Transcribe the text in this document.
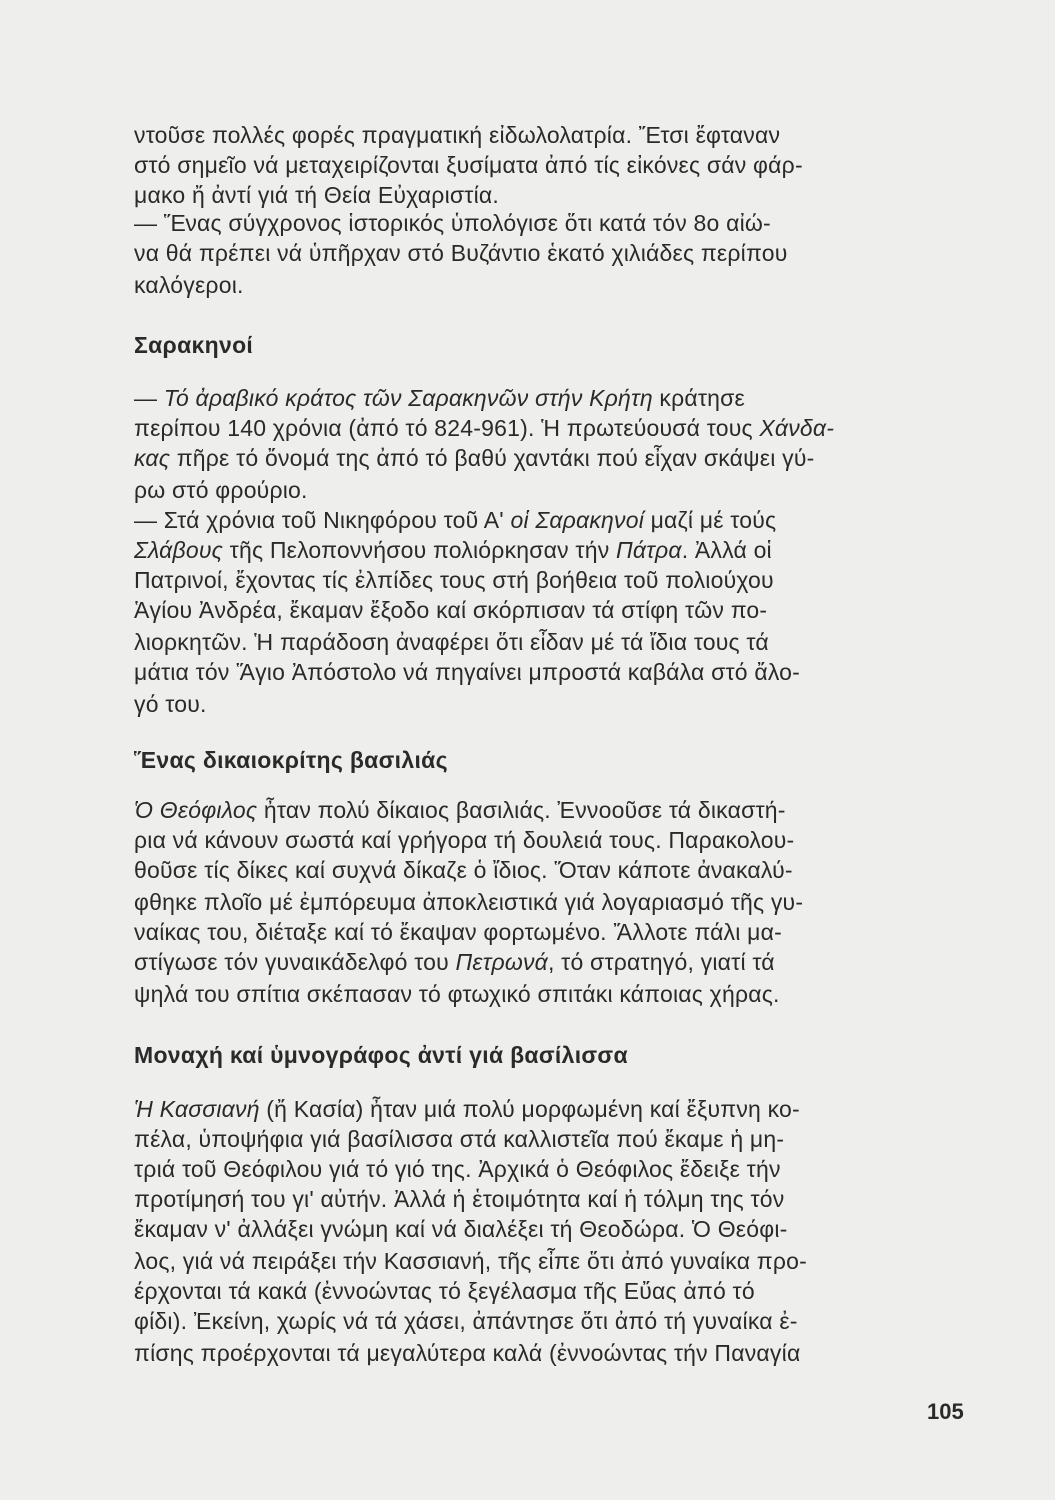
ντοῦσε πολλές φορές πραγματική εἰδωλολατρία. Ἔτσι ἔφταναν
στό σημεῖο νά μεταχειρίζονται ξυσίματα ἀπό τίς εἰκόνες σάν φάρ-
μακο ἤ ἀντί γιά τή Θεία Εὐχαριστία.
— Ἕνας σύγχρονος ἱστορικός ὑπολόγισε ὅτι κατά τόν 8ο αἰώ-
να θά πρέπει νά ὑπῆρχαν στό Βυζάντιο ἑκατό χιλιάδες περίπου
καλόγεροι.
Σαρακηνοί
— Τό ἀραβικό κράτος τῶν Σαρακηνῶν στήν Κρήτη κράτησε
περίπου 140 χρόνια (ἀπό τό 824-961). Ἡ πρωτεύουσά τους Χάνδα-
κας πῆρε τό ὄνομά της ἀπό τό βαθύ χαντάκι πού εἶχαν σκάψει γύ-
ρω στό φρούριο.
— Στά χρόνια τοῦ Νικηφόρου τοῦ Α' οἱ Σαρακηνοί μαζί μέ τούς
Σλάβους τῆς Πελοποννήσου πολιόρκησαν τήν Πάτρα. Ἀλλά οἱ
Πατρινοί, ἔχοντας τίς ἐλπίδες τους στή βοήθεια τοῦ πολιούχου
Ἁγίου Ἀνδρέα, ἔκαμαν ἔξοδο καί σκόρπισαν τά στίφη τῶν πο-
λιορκητῶν. Ἡ παράδοση ἀναφέρει ὅτι εἶδαν μέ τά ἴδια τους τά
μάτια τόν Ἅγιο Ἀπόστολο νά πηγαίνει μπροστά καβάλα στό ἄλο-
γό του.
Ἕνας δικαιοκρίτης βασιλιάς
Ὁ Θεόφιλος ἦταν πολύ δίκαιος βασιλιάς. Ἐννοοῦσε τά δικαστή-
ρια νά κάνουν σωστά καί γρήγορα τή δουλειά τους. Παρακολου-
θοῦσε τίς δίκες καί συχνά δίκαζε ὁ ἴδιος. Ὅταν κάποτε ἀνακαλύ-
φθηκε πλοῖο μέ ἐμπόρευμα ἀποκλειστικά γιά λογαριασμό τῆς γυ-
ναίκας του, διέταξε καί τό ἔκαψαν φορτωμένο. Ἄλλοτε πάλι μα-
στίγωσε τόν γυναικάδελφό του Πετρωνά, τό στρατηγό, γιατί τά
ψηλά του σπίτια σκέπασαν τό φτωχικό σπιτάκι κάποιας χήρας.
Μοναχή καί ὑμνογράφος ἀντί γιά βασίλισσα
Ἡ Κασσιανή (ἤ Κασία) ἦταν μιά πολύ μορφωμένη καί ἔξυπνη κο-
πέλα, ὑποψήφια γιά βασίλισσα στά καλλιστεῖα πού ἔκαμε ἡ μη-
τριά τοῦ Θεόφιλου γιά τό γιό της. Ἀρχικά ὁ Θεόφιλος ἔδειξε τήν
προτίμησή του γι' αὐτήν. Ἀλλά ἡ ἑτοιμότητα καί ἡ τόλμη της τόν
ἔκαμαν ν' ἀλλάξει γνώμη καί νά διαλέξει τή Θεοδώρα. Ὁ Θεόφι-
λος, γιά νά πειράξει τήν Κασσιανή, τῆς εἶπε ὅτι ἀπό γυναίκα προ-
έρχονται τά κακά (ἐννοώντας τό ξεγέλασμα τῆς Εὔας ἀπό τό
φίδι). Ἐκείνη, χωρίς νά τά χάσει, ἀπάντησε ὅτι ἀπό τή γυναίκα ἐ-
πίσης προέρχονται τά μεγαλύτερα καλά (ἐννοώντας τήν Παναγία
105
